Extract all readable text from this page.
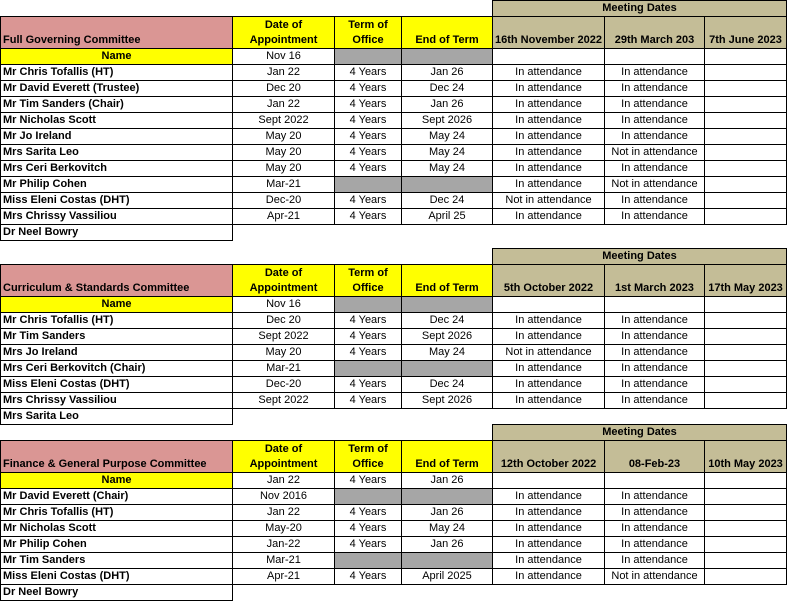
				Meeting Dates		
Full Governing Committee	Date of Appointment	Term of Office	End of Term	16th November 2022	29th March 203	7th June 2023
Name	Nov 16					
Mr Chris Tofallis (HT)	Jan 22	4 Years	Jan 26	In attendance	In attendance	
Mr David Everett (Trustee)	Dec 20	4 Years	Dec 24	In attendance	In attendance	
Mr Tim Sanders (Chair)	Jan 22	4 Years	Jan 26	In attendance	In attendance	
Mr Nicholas Scott	Sept 2022	4 Years	Sept 2026	In attendance	In attendance	
Mr Jo Ireland	May 20	4 Years	May 24	In attendance	In attendance	
Mrs Sarita Leo	May 20	4 Years	May 24	In attendance	Not in attendance	
Mrs Ceri Berkovitch	May 20	4 Years	May 24	In attendance	In attendance	
Mr Philip Cohen	Mar-21			In attendance	Not in attendance	
Miss Eleni Costas (DHT)	Dec-20	4 Years	Dec 24	Not in attendance	In attendance	
Mrs Chrissy Vassiliou	Apr-21	4 Years	April 25	In attendance	In attendance	
Dr Neel Bowry						
				Meeting Dates		
Curriculum & Standards Committee	Date of Appointment	Term of Office	End of Term	5th October 2022	1st March 2023	17th May 2023
Name	Nov 16					
Mr Chris Tofallis (HT)	Dec 20	4 Years	Dec 24	In attendance	In attendance	
Mr Tim Sanders	Sept 2022	4 Years	Sept 2026	In attendance	In attendance	
Mrs Jo Ireland	May 20	4 Years	May 24	Not in attendance	In attendance	
Mrs Ceri Berkovitch (Chair)	Mar-21			In attendance	In attendance	
Miss Eleni Costas (DHT)	Dec-20	4 Years	Dec 24	In attendance	In attendance	
Mrs Chrissy Vassiliou	Sept 2022	4 Years	Sept 2026	In attendance	In attendance	
Mrs Sarita Leo						
				Meeting Dates		
Finance & General Purpose Committee	Date of Appointment	Term of Office	End of Term	12th October 2022	08-Feb-23	10th May 2023
Name	Jan 22	4 Years	Jan 26			
Mr David Everett (Chair)	Nov 2016			In attendance	In attendance	
Mr Chris Tofallis (HT)	Jan 22	4 Years	Jan 26	In attendance	In attendance	
Mr Nicholas Scott	May-20	4 Years	May 24	In attendance	In attendance	
Mr Philip Cohen	Jan-22	4 Years	Jan 26	In attendance	In attendance	
Mr Tim Sanders	Mar-21			In attendance	In attendance	
Miss Eleni Costas (DHT)	Apr-21	4 Years	April 2025	In attendance	Not in attendance	
Dr Neel Bowry						
